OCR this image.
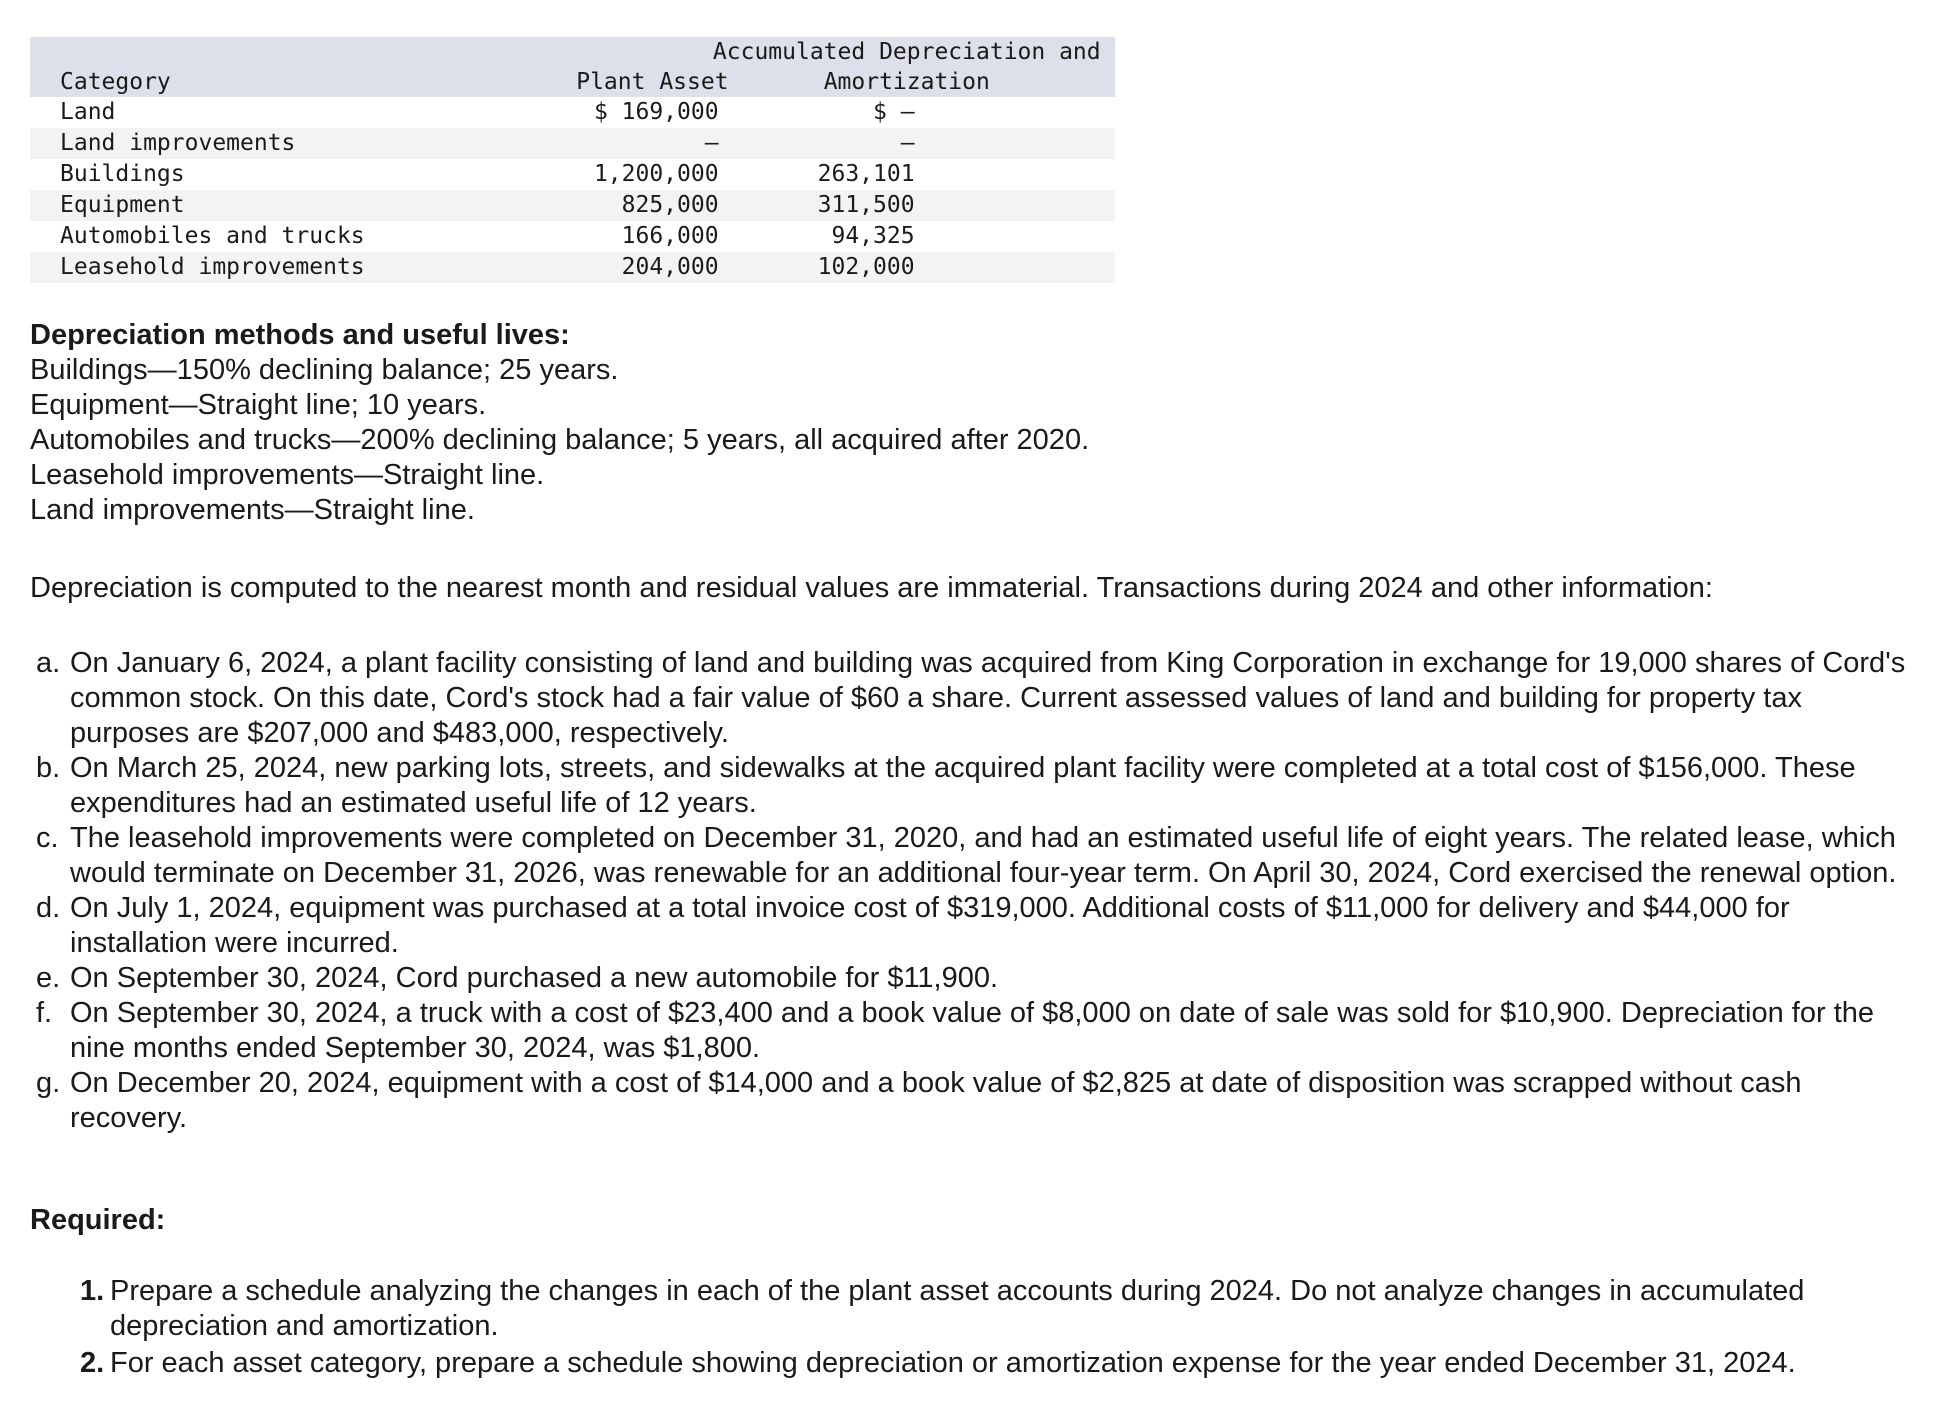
Category	Plant Asset	Accumulated Depreciation and
Amortization

Land	$ 169,000	$ –
Land improvements	–	–
Buildings	1,200,000	263,101
Equipment	825,000	311,500
Automobiles and trucks	166,000	94,325
Leasehold improvements	204,000	102,000
Depreciation methods and useful lives:
Buildings—150% declining balance; 25 years.
Equipment—Straight line; 10 years.
Automobiles and trucks—200% declining balance; 5 years, all acquired after 2020.
Leasehold improvements—Straight line.
Land improvements—Straight line.
Depreciation is computed to the nearest month and residual values are immaterial. Transactions during 2024 and other information:
a. On January 6, 2024, a plant facility consisting of land and building was acquired from King Corporation in exchange for 19,000 shares of Cord's common stock. On this date, Cord's stock had a fair value of $60 a share. Current assessed values of land and building for property tax purposes are $207,000 and $483,000, respectively.
b. On March 25, 2024, new parking lots, streets, and sidewalks at the acquired plant facility were completed at a total cost of $156,000. These expenditures had an estimated useful life of 12 years.
c. The leasehold improvements were completed on December 31, 2020, and had an estimated useful life of eight years. The related lease, which would terminate on December 31, 2026, was renewable for an additional four-year term. On April 30, 2024, Cord exercised the renewal option.
d. On July 1, 2024, equipment was purchased at a total invoice cost of $319,000. Additional costs of $11,000 for delivery and $44,000 for installation were incurred.
e. On September 30, 2024, Cord purchased a new automobile for $11,900.
f. On September 30, 2024, a truck with a cost of $23,400 and a book value of $8,000 on date of sale was sold for $10,900. Depreciation for the nine months ended September 30, 2024, was $1,800.
g. On December 20, 2024, equipment with a cost of $14,000 and a book value of $2,825 at date of disposition was scrapped without cash recovery.
Required:
1. Prepare a schedule analyzing the changes in each of the plant asset accounts during 2024. Do not analyze changes in accumulated depreciation and amortization.
2. For each asset category, prepare a schedule showing depreciation or amortization expense for the year ended December 31, 2024.
